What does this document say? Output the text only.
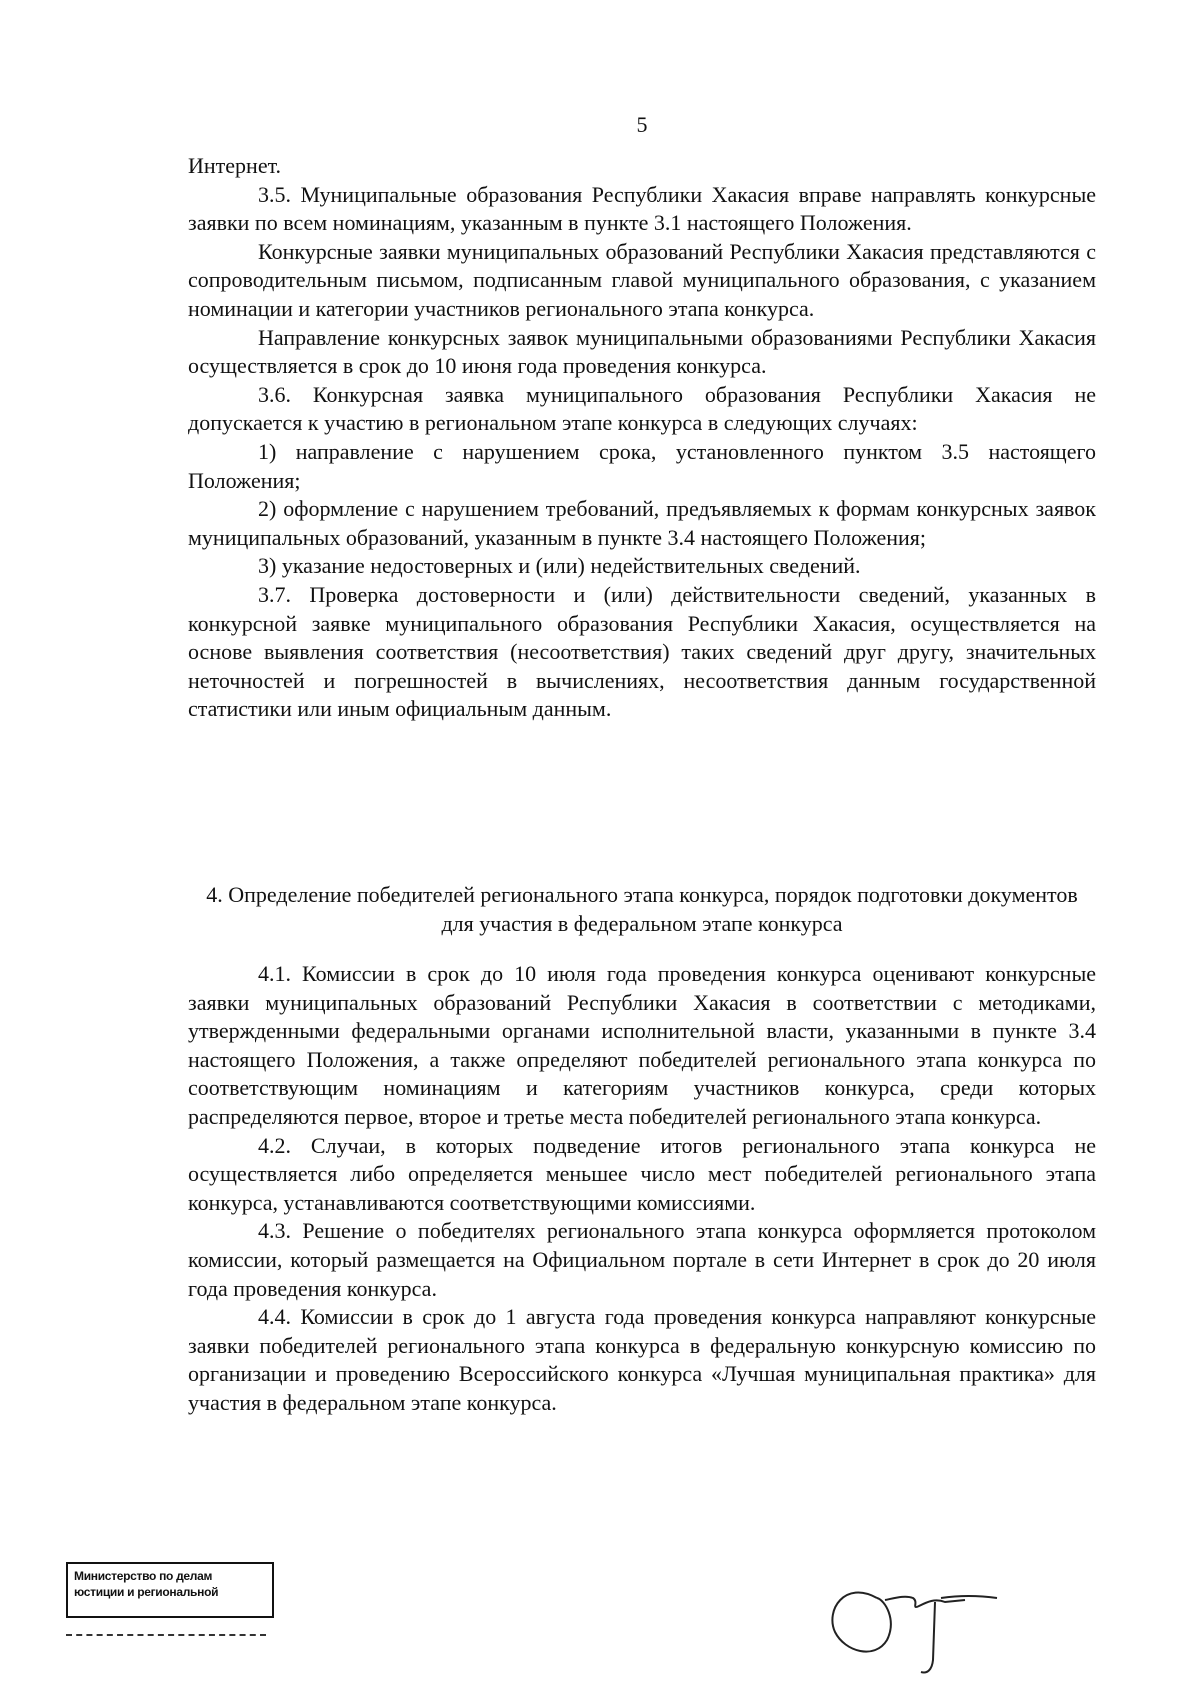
5

Интернет.

3.5. Муниципальные образования Республики Хакасия вправе направлять конкурсные заявки по всем номинациям, указанным в пункте 3.1 настоящего Положения.

Конкурсные заявки муниципальных образований Республики Хакасия представляются с сопроводительным письмом, подписанным главой муниципального образования, с указанием номинации и категории участников регионального этапа конкурса.

Направление конкурсных заявок муниципальными образованиями Республики Хакасия осуществляется в срок до 10 июня года проведения конкурса.

3.6. Конкурсная заявка муниципального образования Республики Хакасия не допускается к участию в региональном этапе конкурса в следующих случаях:

1) направление с нарушением срока, установленного пунктом 3.5 настоящего Положения;

2) оформление с нарушением требований, предъявляемых к формам конкурсных заявок муниципальных образований, указанным в пункте 3.4 настоящего Положения;

3) указание недостоверных и (или) недействительных сведений.

3.7. Проверка достоверности и (или) действительности сведений, указанных в конкурсной заявке муниципального образования Республики Хакасия, осуществляется на основе выявления соответствия (несоответствия) таких сведений друг другу, значительных неточностей и погрешностей в вычислениях, несоответствия данным государственной статистики или иным официальным данным.

4. Определение победителей регионального этапа конкурса, порядок подготовки документов для участия в федеральном этапе конкурса

4.1. Комиссии в срок до 10 июля года проведения конкурса оценивают конкурсные заявки муниципальных образований Республики Хакасия в соответствии с методиками, утвержденными федеральными органами исполнительной власти, указанными в пункте 3.4 настоящего Положения, а также определяют победителей регионального этапа конкурса по соответствующим номинациям и категориям участников конкурса, среди которых распределяются первое, второе и третье места победителей регионального этапа конкурса.

4.2. Случаи, в которых подведение итогов регионального этапа конкурса не осуществляется либо определяется меньшее число мест победителей регионального этапа конкурса, устанавливаются соответствующими комиссиями.

4.3. Решение о победителях регионального этапа конкурса оформляется протоколом комиссии, который размещается на Официальном портале в сети Интернет в срок до 20 июля года проведения конкурса.

4.4. Комиссии в срок до 1 августа года проведения конкурса направляют конкурсные заявки победителей регионального этапа конкурса в федеральную конкурсную комиссию по организации и проведению Всероссийского конкурса «Лучшая муниципальная практика» для участия в федеральном этапе конкурса.

Министерство по делам
юстиции и региональной
